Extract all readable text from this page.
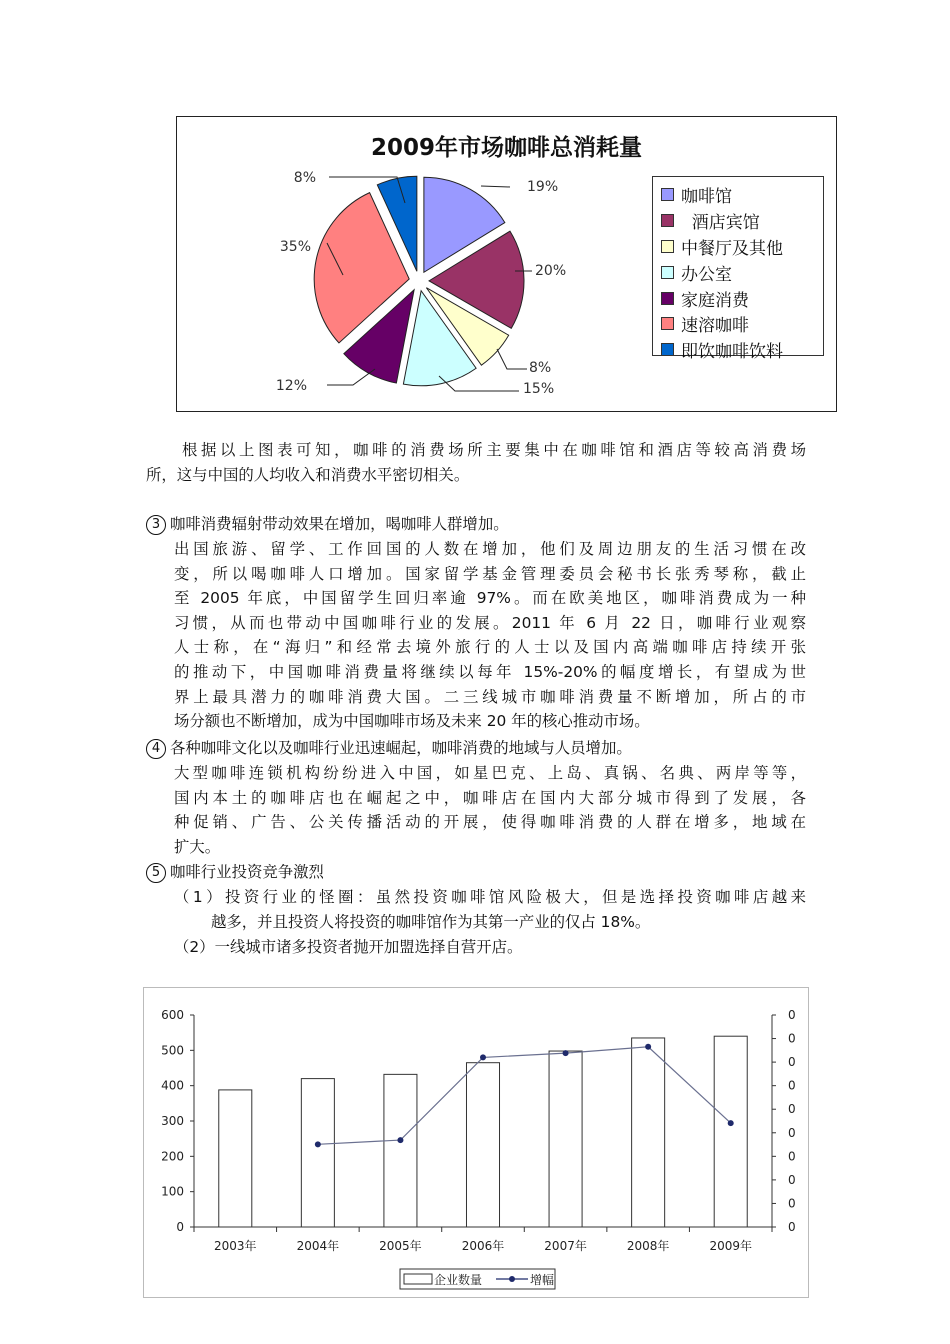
2009年市场咖啡总消耗量
19%
20%
8%
15%
12%
35%
8%
咖啡馆
酒店宾馆
中餐厅及其他
办公室
家庭消费
速溶咖啡
即饮咖啡饮料
根据以上图表可知，咖啡的消费场所主要集中在咖啡馆和酒店等较高消费场
所，这与中国的人均收入和消费水平密切相关。
3 咖啡消费辐射带动效果在增加，喝咖啡人群增加。
出国旅游、留学、工作回国的人数在增加，他们及周边朋友的生活习惯在改
变，所以喝咖啡人口增加。国家留学基金管理委员会秘书长张秀琴称，截止
至 2005 年底，中国留学生回归率逾 97%。而在欧美地区，咖啡消费成为一种
习惯，从而也带动中国咖啡行业的发展。2011 年 6 月 22 日，咖啡行业观察
人士称，在“海归”和经常去境外旅行的人士以及国内高端咖啡店持续开张
的推动下，中国咖啡消费量将继续以每年 15%-20%的幅度增长，有望成为世
界上最具潜力的咖啡消费大国。二三线城市咖啡消费量不断增加，所占的市
场分额也不断增加，成为中国咖啡市场及未来 20 年的核心推动市场。
4 各种咖啡文化以及咖啡行业迅速崛起，咖啡消费的地域与人员增加。
大型咖啡连锁机构纷纷进入中国，如星巴克、上岛、真锅、名典、两岸等等，
国内本土的咖啡店也在崛起之中，咖啡店在国内大部分城市得到了发展，各
种促销、广告、公关传播活动的开展，使得咖啡消费的人群在增多，地域在
扩大。
5 咖啡行业投资竞争激烈
（1）投资行业的怪圈：虽然投资咖啡馆风险极大，但是选择投资咖啡店越来
越多，并且投资人将投资的咖啡馆作为其第一产业的仅占 18%。
（2）一线城市诸多投资者抛开加盟选择自营开店。
0
100
200
300
400
500
600
0
0
0
0
0
0
0
0
0
0
2003年	2004年	2005年	2006年	2007年	2008年	2009年
企业数量	增幅
